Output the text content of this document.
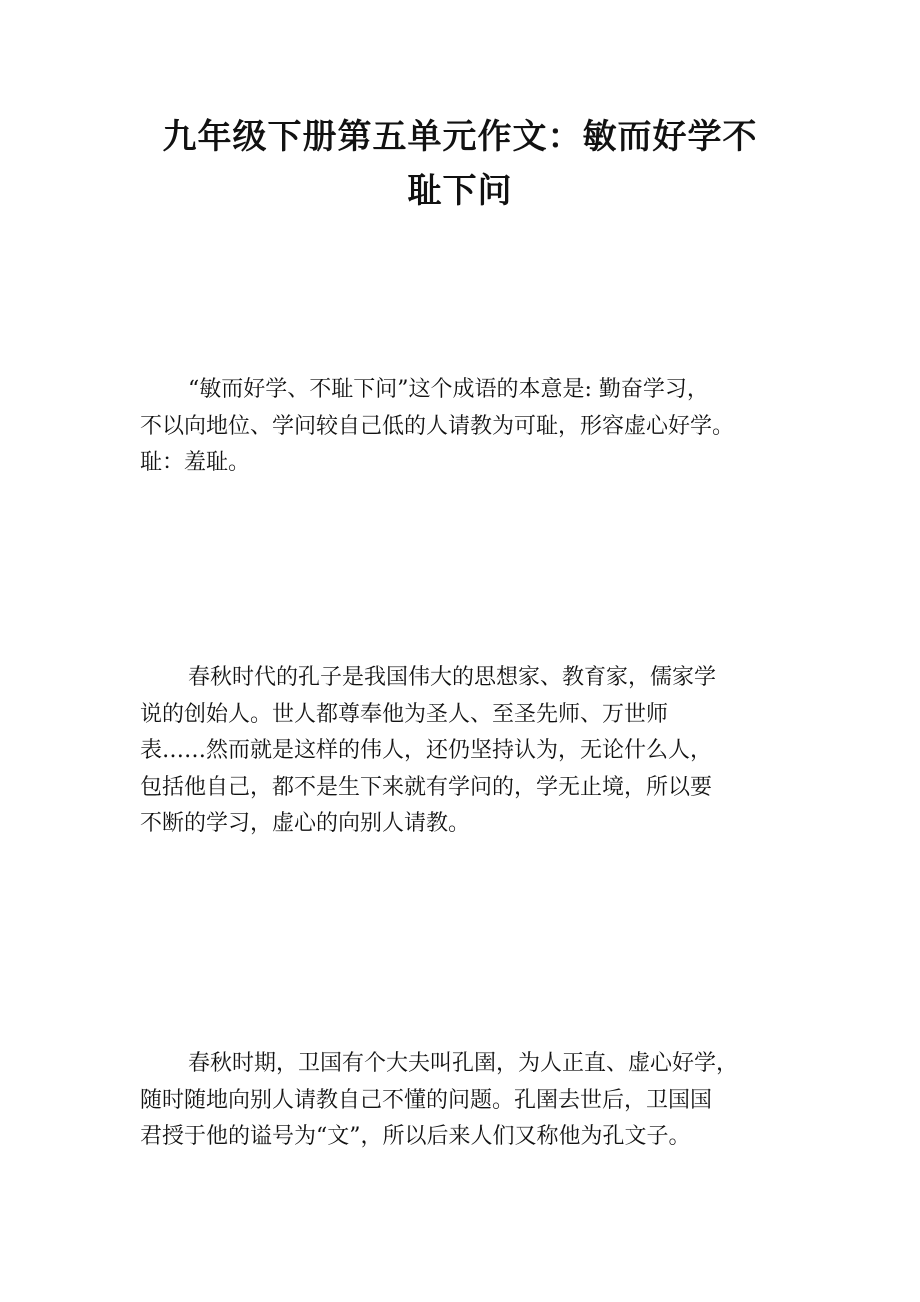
九年级下册第五单元作文：敏而好学不
耻下问

“敏而好学、不耻下问”这个成语的本意是: 勤奋学习，
不以向地位、学问较自己低的人请教为可耻，形容虚心好学。
耻：羞耻。

春秋时代的孔子是我国伟大的思想家、教育家，儒家学
说的创始人。世人都尊奉他为圣人、至圣先师、万世师
表……然而就是这样的伟人，还仍坚持认为，无论什么人，
包括他自己，都不是生下来就有学问的，学无止境，所以要
不断的学习，虚心的向别人请教。

春秋时期，卫国有个大夫叫孔圉，为人正直、虚心好学，
随时随地向别人请教自己不懂的问题。孔圉去世后，卫国国
君授于他的谥号为“文”，所以后来人们又称他为孔文子。
